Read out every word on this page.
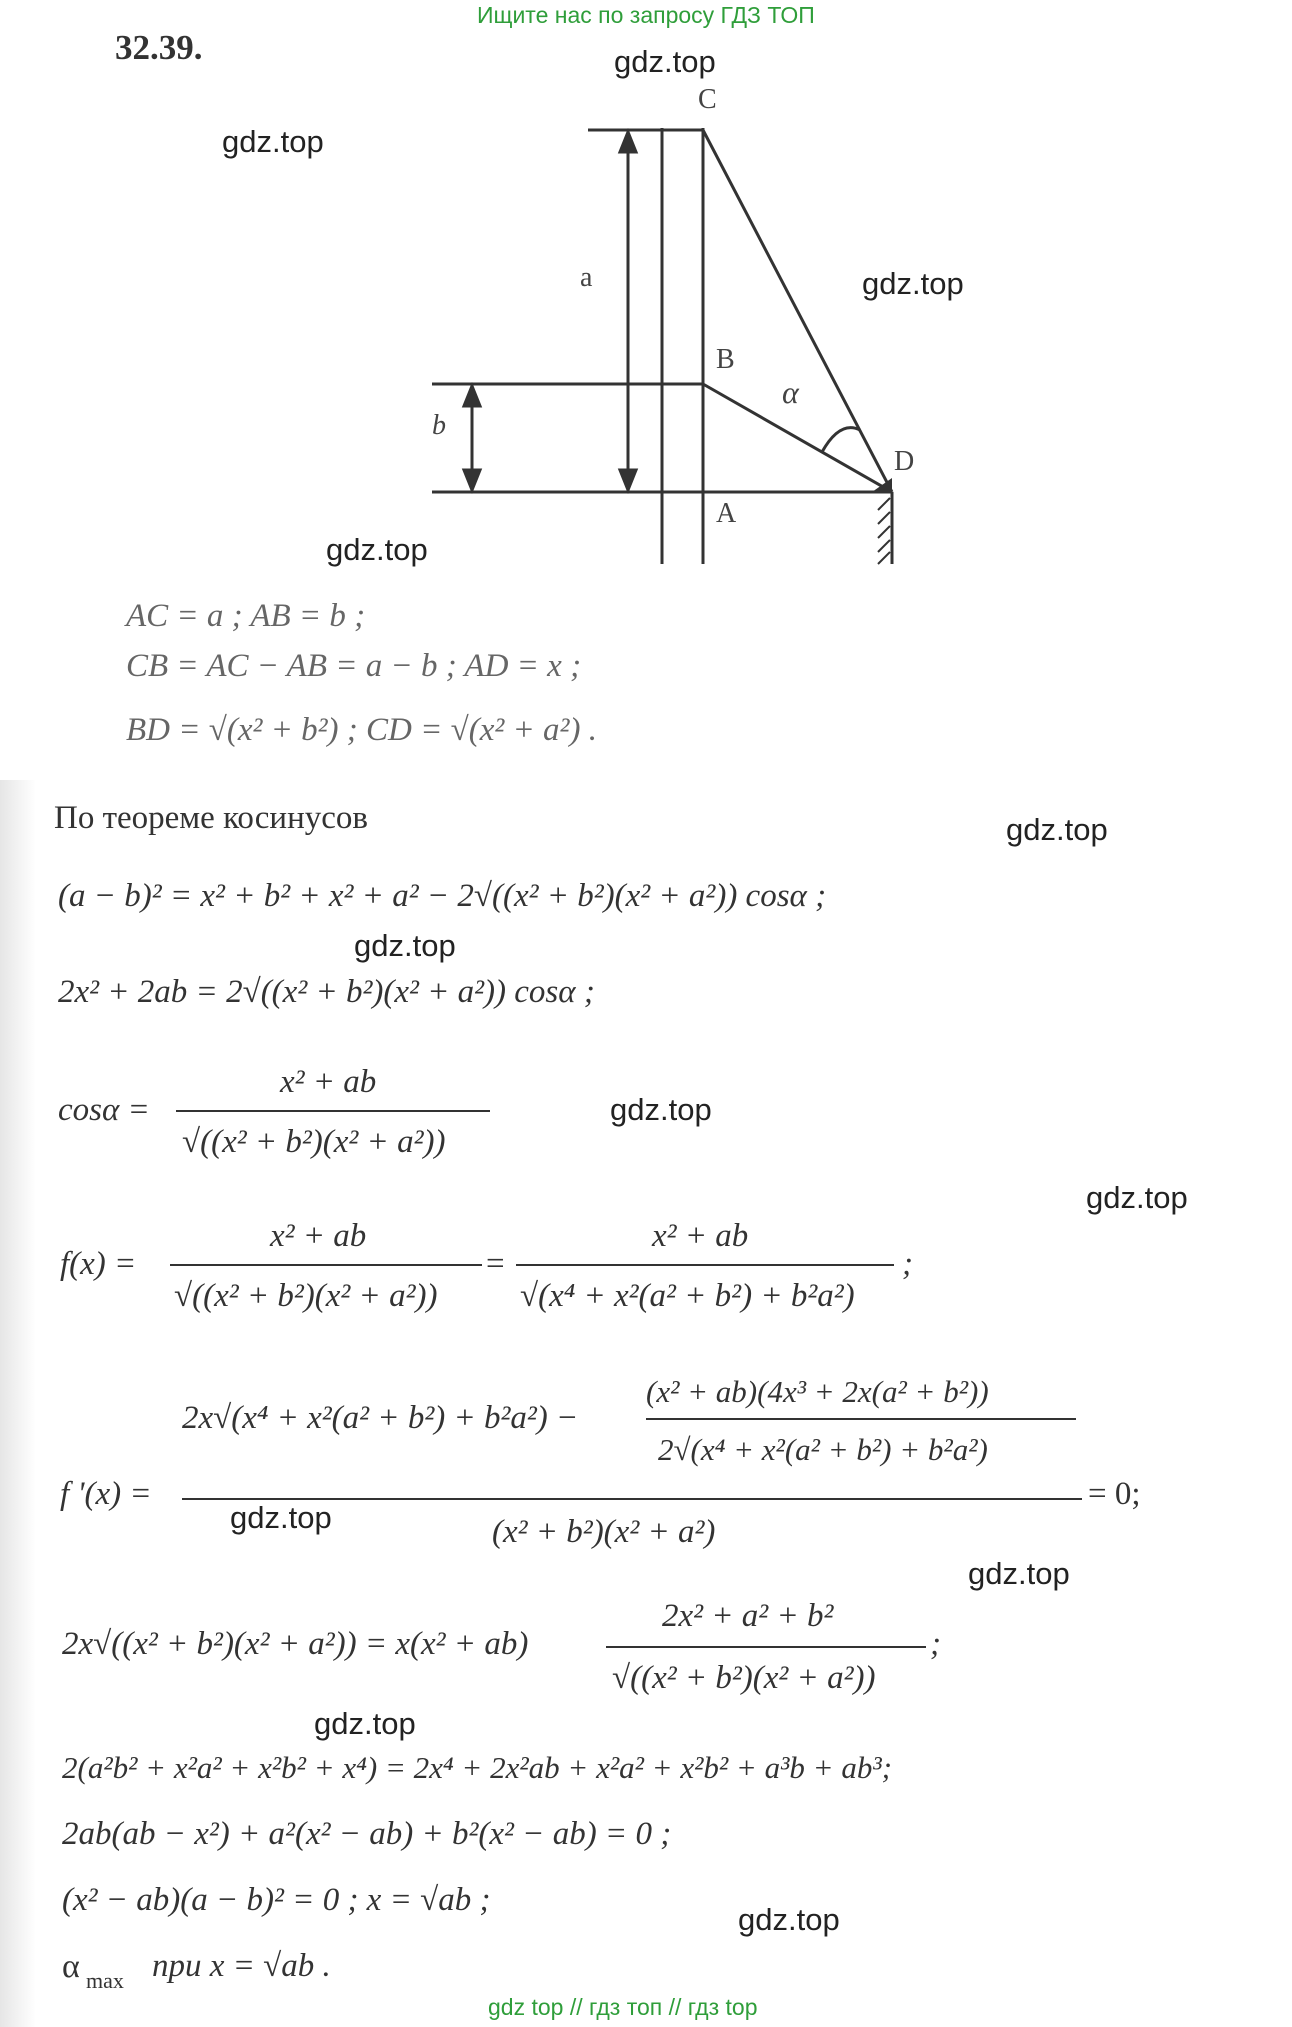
Ищите нас по запросу ГДЗ ТОП
32.39.	gdz.top
gdz.top
gdz.top
gdz.top
gdz.top
gdz.top
gdz.top
gdz.top
gdz.top
gdz.top
gdz.top
gdz.top
C
B
A
D
a
b
α
AC = a ; AB = b ;
CB = AC − AB = a − b ; AD = x ;
BD = √(x² + b²) ; CD = √(x² + a²) .
По теореме косинусов
(a − b)² = x² + b² + x² + a² − 2√((x² + b²)(x² + a²)) cosα ;
2x² + 2ab = 2√((x² + b²)(x² + a²)) cosα ;
cosα =
x² + ab
√((x² + b²)(x² + a²))
f(x) =
x² + ab
√((x² + b²)(x² + a²))
=
x² + ab
√(x⁴ + x²(a² + b²) + b²a²)
;
f '(x) =
2x√(x⁴ + x²(a² + b²) + b²a²) −
(x² + ab)(4x³ + 2x(a² + b²))
2√(x⁴ + x²(a² + b²) + b²a²)
(x² + b²)(x² + a²)
= 0;
2x√((x² + b²)(x² + a²)) = x(x² + ab)
2x² + a² + b²
√((x² + b²)(x² + a²))
;
2(a²b² + x²a² + x²b² + x⁴) = 2x⁴ + 2x²ab + x²a² + x²b² + a³b + ab³;
2ab(ab − x²) + a²(x² − ab) + b²(x² − ab) = 0 ;
(x² − ab)(a − b)² = 0 ; x = √ab ;
α max при x = √ab .
gdz top // гдз топ // гдз top
